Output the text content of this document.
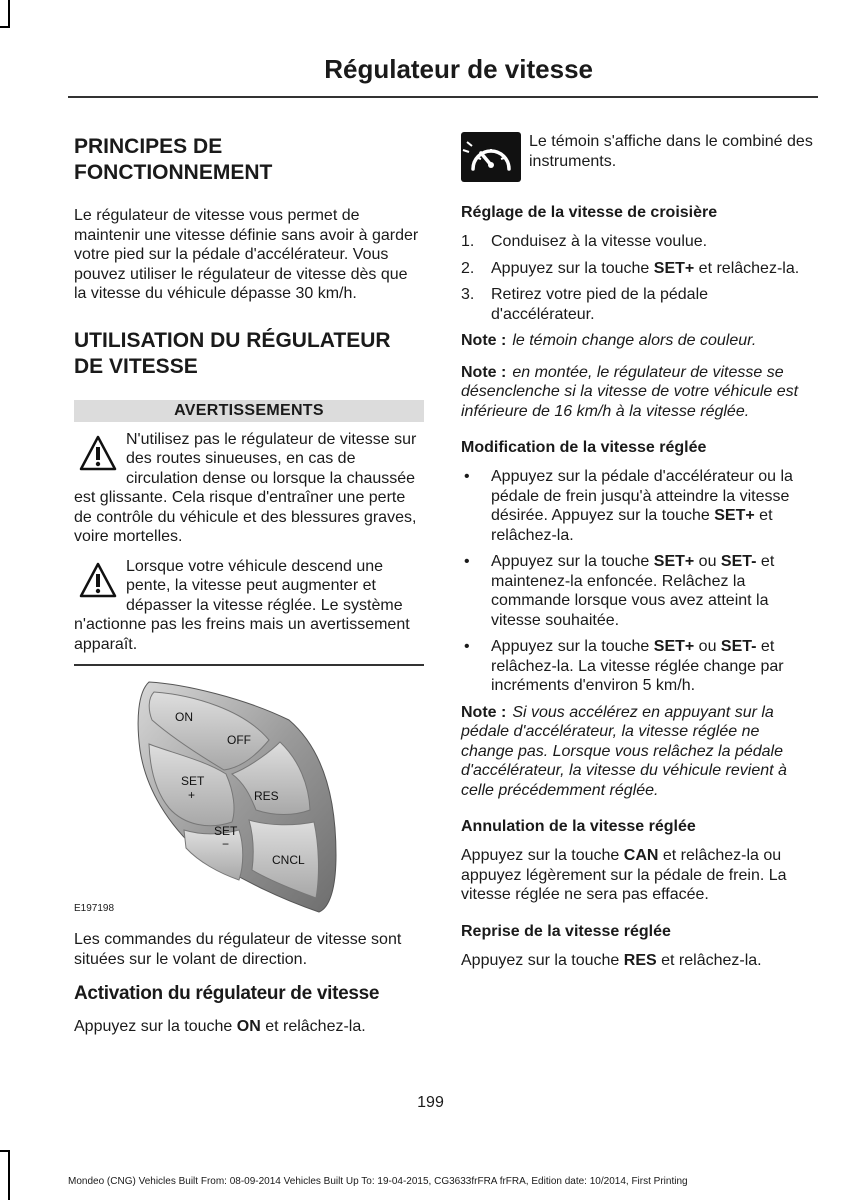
Régulateur de vitesse
PRINCIPES DE FONCTIONNEMENT

Le régulateur de vitesse vous permet de maintenir une vitesse définie sans avoir à garder votre pied sur la pédale d'accélérateur. Vous pouvez utiliser le régulateur de vitesse dès que la vitesse du véhicule dépasse 30 km/h.

UTILISATION DU RÉGULATEUR DE VITESSE
AVERTISSEMENTS

N'utilisez pas le régulateur de vitesse sur des routes sinueuses, en cas de circulation dense ou lorsque la chaussée est glissante. Cela risque d'entraîner une perte de contrôle du véhicule et des blessures graves, voire mortelles.

Lorsque votre véhicule descend une pente, la vitesse peut augmenter et dépasser la vitesse réglée. Le système n'actionne pas les freins mais un avertissement apparaît.

ON
OFF
SET
+	RES
SET
−
CNCL
E197198

Les commandes du régulateur de vitesse sont situées sur le volant de direction.

Activation du régulateur de vitesse

Appuyez sur la touche ON et relâchez-la.

Le témoin s'affiche dans le combiné des instruments.

Réglage de la vitesse de croisière
1. Conduisez à la vitesse voulue.
2. Appuyez sur la touche SET+ et relâchez-la.
3. Retirez votre pied de la pédale d'accélérateur.

Note : le témoin change alors de couleur.

Note : en montée, le régulateur de vitesse se désenclenche si la vitesse de votre véhicule est inférieure de 16 km/h à la vitesse réglée.

Modification de la vitesse réglée
• Appuyez sur la pédale d'accélérateur ou la pédale de frein jusqu'à atteindre la vitesse désirée. Appuyez sur la touche SET+ et relâchez-la.
• Appuyez sur la touche SET+ ou SET- et maintenez-la enfoncée. Relâchez la commande lorsque vous avez atteint la vitesse souhaitée.
• Appuyez sur la touche SET+ ou SET- et relâchez-la. La vitesse réglée change par incréments d'environ 5 km/h.

Note : Si vous accélérez en appuyant sur la pédale d'accélérateur, la vitesse réglée ne change pas. Lorsque vous relâchez la pédale d'accélérateur, la vitesse du véhicule revient à celle précédemment réglée.

Annulation de la vitesse réglée

Appuyez sur la touche CAN et relâchez-la ou appuyez légèrement sur la pédale de frein. La vitesse réglée ne sera pas effacée.

Reprise de la vitesse réglée

Appuyez sur la touche RES et relâchez-la.

199
Mondeo (CNG) Vehicles Built From: 08-09-2014 Vehicles Built Up To: 19-04-2015, CG3633frFRA frFRA, Edition date: 10/2014, First Printing
